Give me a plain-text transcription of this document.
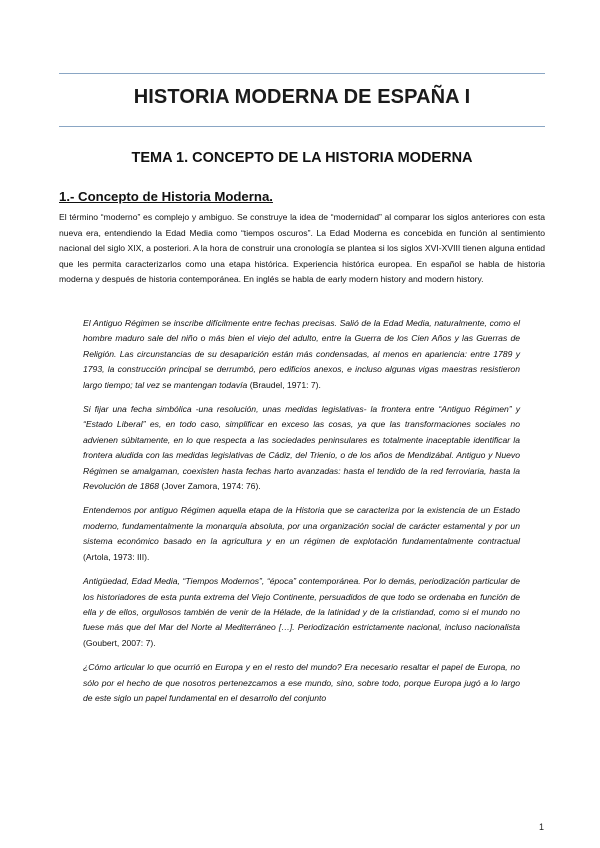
HISTORIA MODERNA DE ESPAÑA I
TEMA 1. CONCEPTO DE LA HISTORIA MODERNA
1.- Concepto de Historia Moderna.

El término “moderno” es complejo y ambiguo. Se construye la idea de “modernidad” al comparar los siglos anteriores con esta nueva era, entendiendo la Edad Media como “tiempos oscuros”. La Edad Moderna es concebida en función al sentimiento nacional del siglo XIX, a posteriori. A la hora de construir una cronología se plantea si los siglos XVI-XVIII tienen alguna entidad que les permita caracterizarlos como una etapa histórica. Experiencia histórica europea. En español se habla de historia moderna y después de historia contemporánea. En inglés se habla de early modern history and modern history.

El Antiguo Régimen se inscribe difícilmente entre fechas precisas. Salió de la Edad Media, naturalmente, como el hombre maduro sale del niño o más bien el viejo del adulto, entre la Guerra de los Cien Años y las Guerras de Religión. Las circunstancias de su desaparición están más condensadas, al menos en apariencia: entre 1789 y 1793, la construcción principal se derrumbó, pero edificios anexos, e incluso algunas vigas maestras resistieron largo tiempo; tal vez se mantengan todavía (Braudel, 1971: 7).

Si fijar una fecha simbólica -una resolución, unas medidas legislativas- la frontera entre “Antiguo Régimen” y “Estado Liberal” es, en todo caso, simplificar en exceso las cosas, ya que las transformaciones sociales no advienen súbitamente, en lo que respecta a las sociedades peninsulares es totalmente inaceptable identificar la frontera aludida con las medidas legislativas de Cádiz, del Trienio, o de los años de Mendizábal. Antiguo y Nuevo Régimen se amalgaman, coexisten hasta fechas harto avanzadas: hasta el tendido de la red ferroviaria, hasta la Revolución de 1868 (Jover Zamora, 1974: 76).

Entendemos por antiguo Régimen aquella etapa de la Historia que se caracteriza por la existencia de un Estado moderno, fundamentalmente la monarquía absoluta, por una organización social de carácter estamental y por un sistema económico basado en la agricultura y en un régimen de explotación fundamentalmente contractual (Artola, 1973: III).

Antigüedad, Edad Media, “Tiempos Modernos”, “época” contemporánea. Por lo demás, periodización particular de los historiadores de esta punta extrema del Viejo Continente, persuadidos de que todo se ordenaba en función de ella y de ellos, orgullosos también de venir de la Hélade, de la latinidad y de la cristiandad, como si el mundo no fuese más que del Mar del Norte al Mediterráneo […]. Periodización estrictamente nacional, incluso nacionalista (Goubert, 2007: 7).

¿Cómo articular lo que ocurrió en Europa y en el resto del mundo? Era necesario resaltar el papel de Europa, no sólo por el hecho de que nosotros pertenezcamos a ese mundo, sino, sobre todo, porque Europa jugó a lo largo de este siglo un papel fundamental en el desarrollo del conjunto

1
